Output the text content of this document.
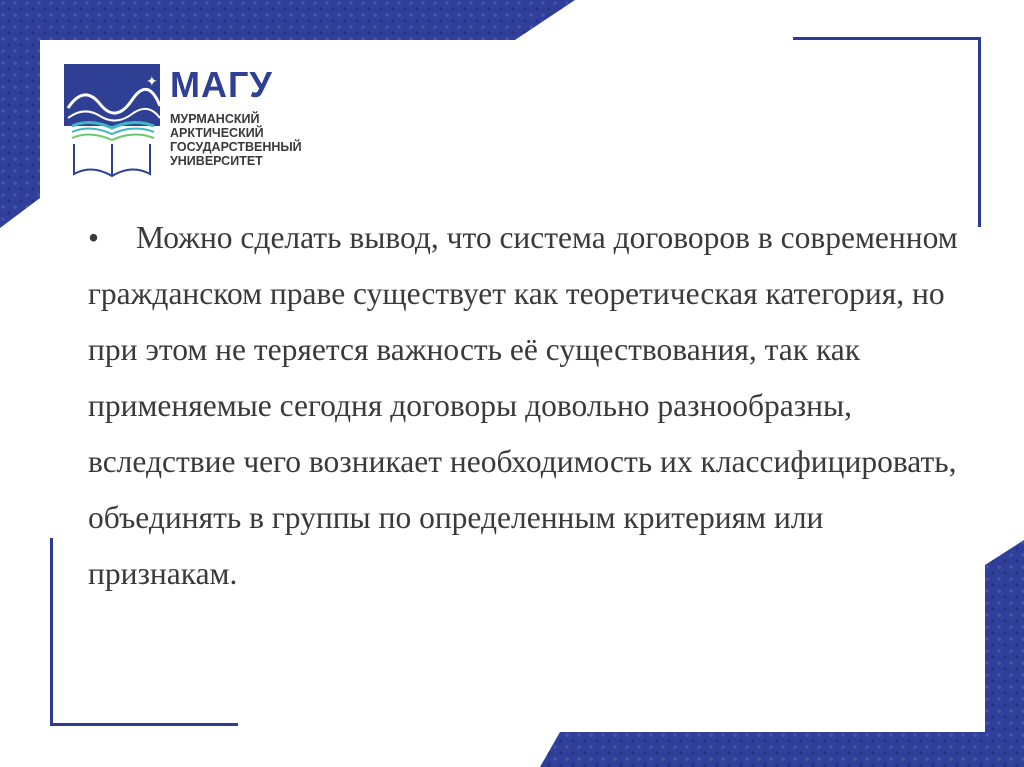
✦ МАГУ
МУРМАНСКИЙ
АРКТИЧЕСКИЙ
ГОСУДАРСТВЕННЫЙ
УНИВЕРСИТЕТ

• Можно сделать вывод, что система договоров в современном гражданском праве существует как теоретическая категория, но при этом не теряется важность её существования, так как применяемые сегодня договоры довольно разнообразны, вследствие чего возникает необходимость их классифицировать, объединять в группы по определенным критериям или признакам.
